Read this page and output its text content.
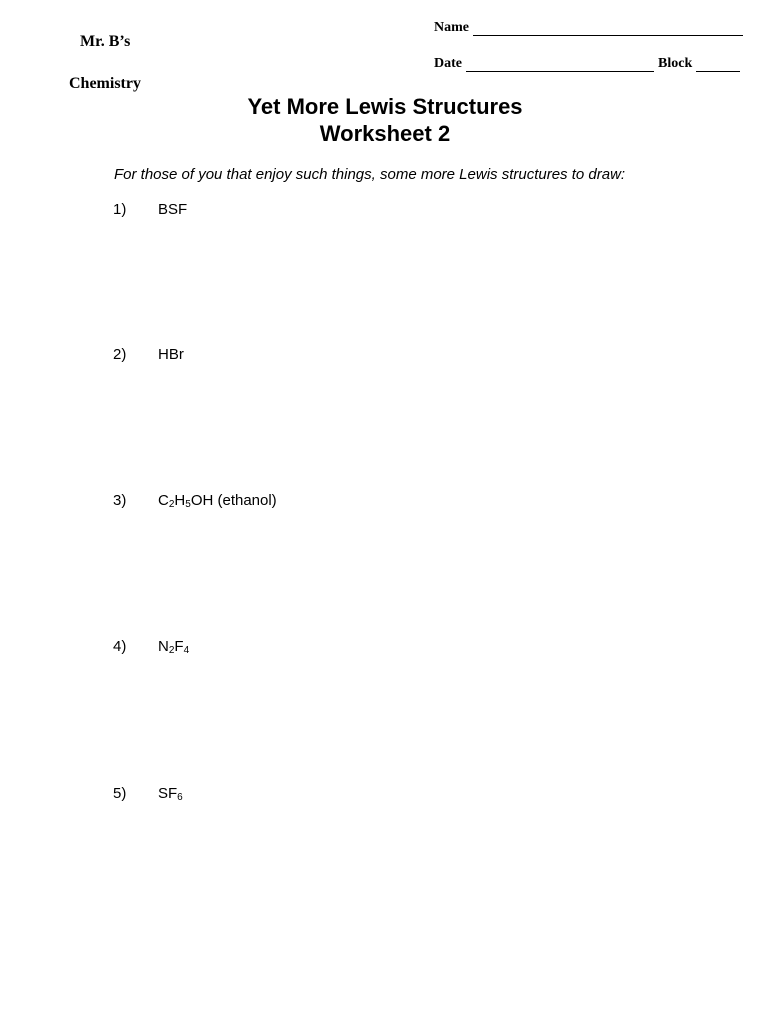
Mr. B’s
Chemistry
Name
Date	Block
Yet More Lewis Structures
Worksheet 2
For those of you that enjoy such things, some more Lewis structures to draw:
1) BSF
2) HBr
3) $C_2H_5OH$ (ethanol)
4) $N_2F_4$
5) $SF_6$
